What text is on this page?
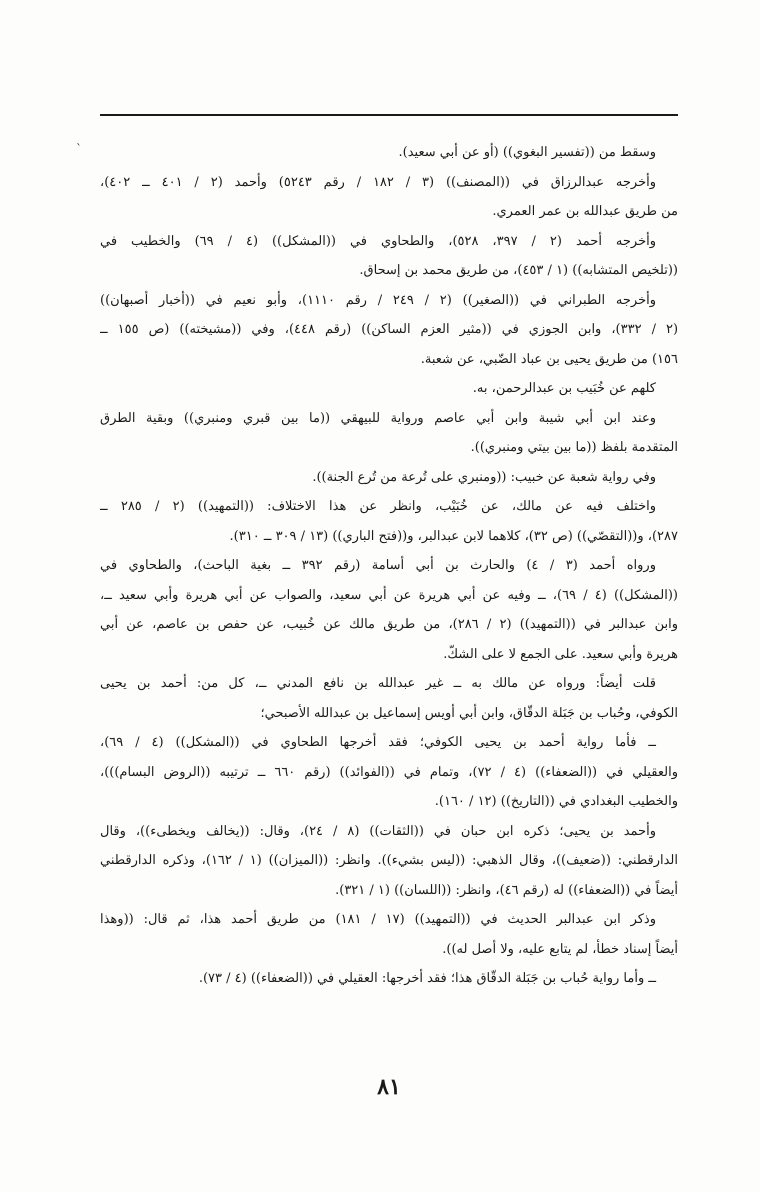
`	وسقط من ((تفسير البغوي)) (أو عن أبي سعيد).
وأخرجه عبدالرزاق في ((المصنف)) (٣ / ١٨٢ / رقم ٥٢٤٣) وأحمد (٢ / ٤٠١ ــ ٤٠٢)،
من طريق عبدالله بن عمر العمري.
وأخرجه أحمد (٢ / ٣٩٧، ٥٢٨)، والطحاوي في ((المشكل)) (٤ / ٦٩) والخطيب في
((تلخيص المتشابه)) (١ / ٤٥٣)، من طريق محمد بن إسحاق.
وأخرجه الطبراني في ((الصغير)) (٢ / ٢٤٩ / رقم ١١١٠)، وأبو نعيم في ((أخبار أصبهان))
(٢ / ٣٣٢)، وابن الجوزي في ((مثير العزم الساكن)) (رقم ٤٤٨)، وفي ((مشيخته)) (ص ١٥٥ ــ
١٥٦) من طريق يحيى بن عباد الضّبي، عن شعبة.
كلهم عن خُبَيب بن عبدالرحمن، به.
وعند ابن أبي شيبة وابن أبي عاصم ورواية للبيهقي ((ما بين قبري ومنبري)) وبقية الطرق
المتقدمة بلفظ ((ما بين بيتي ومنبري)).
وفي رواية شعبة عن خبيب: ((ومنبري على تُرعة من تُرع الجنة)).
واختلف فيه عن مالك، عن خُبَيْب، وانظر عن هذا الاختلاف: ((التمهيد)) (٢ / ٢٨٥ ــ
٢٨٧)، و((التقصّي)) (ص ٣٢)، كلاهما لابن عبدالبر، و((فتح الباري)) (١٣ / ٣٠٩ ــ ٣١٠).
ورواه أحمد (٣ / ٤) والحارث بن أبي أسامة (رقم ٣٩٢ ــ بغية الباحث)، والطحاوي في
((المشكل)) (٤ / ٦٩)، ــ وفيه عن أبي هريرة عن أبي سعيد، والصواب عن أبي هريرة وأبي سعيد ــ،
وابن عبدالبر في ((التمهيد)) (٢ / ٢٨٦)، من طريق مالك عن خُبيب، عن حفص بن عاصم، عن أبي
هريرة وأبي سعيد. على الجمع لا على الشكّ.
قلت أيضاً: ورواه عن مالك به ــ غير عبدالله بن نافع المدني ــ، كل من: أحمد بن يحيى
الكوفي، وحُباب بن جَبَلة الدقّاق، وابن أبي أويس إسماعيل بن عبدالله الأصبحي؛
ــ فأما رواية أحمد بن يحيى الكوفي؛ فقد أخرجها الطحاوي في ((المشكل)) (٤ / ٦٩)،
والعقيلي في ((الضعفاء)) (٤ / ٧٢)، وتمام في ((الفوائد)) (رقم ٦٦٠ ــ ترتيبه ((الروض البسام)))،
والخطيب البغدادي في ((التاريخ)) (١٢ / ١٦٠).
وأحمد بن يحيى؛ ذكره ابن حبان في ((الثقات)) (٨ / ٢٤)، وقال: ((يخالف ويخطىء))، وقال
الدارقطني: ((ضعيف))، وقال الذهبي: ((ليس بشيء)). وانظر: ((الميزان)) (١ / ١٦٢)، وذكره الدارقطني
أيضاً في ((الضعفاء)) له (رقم ٤٦)، وانظر: ((اللسان)) (١ / ٣٢١).
وذكر ابن عبدالبر الحديث في ((التمهيد)) (١٧ / ١٨١) من طريق أحمد هذا، ثم قال: ((وهذا
أيضاً إسناد خطأ، لم يتابع عليه، ولا أصل له)).
ــ وأما رواية حُباب بن جَبَلة الدقّاق هذا؛ فقد أخرجها: العقيلي في ((الضعفاء)) (٤ / ٧٣).
٨١
